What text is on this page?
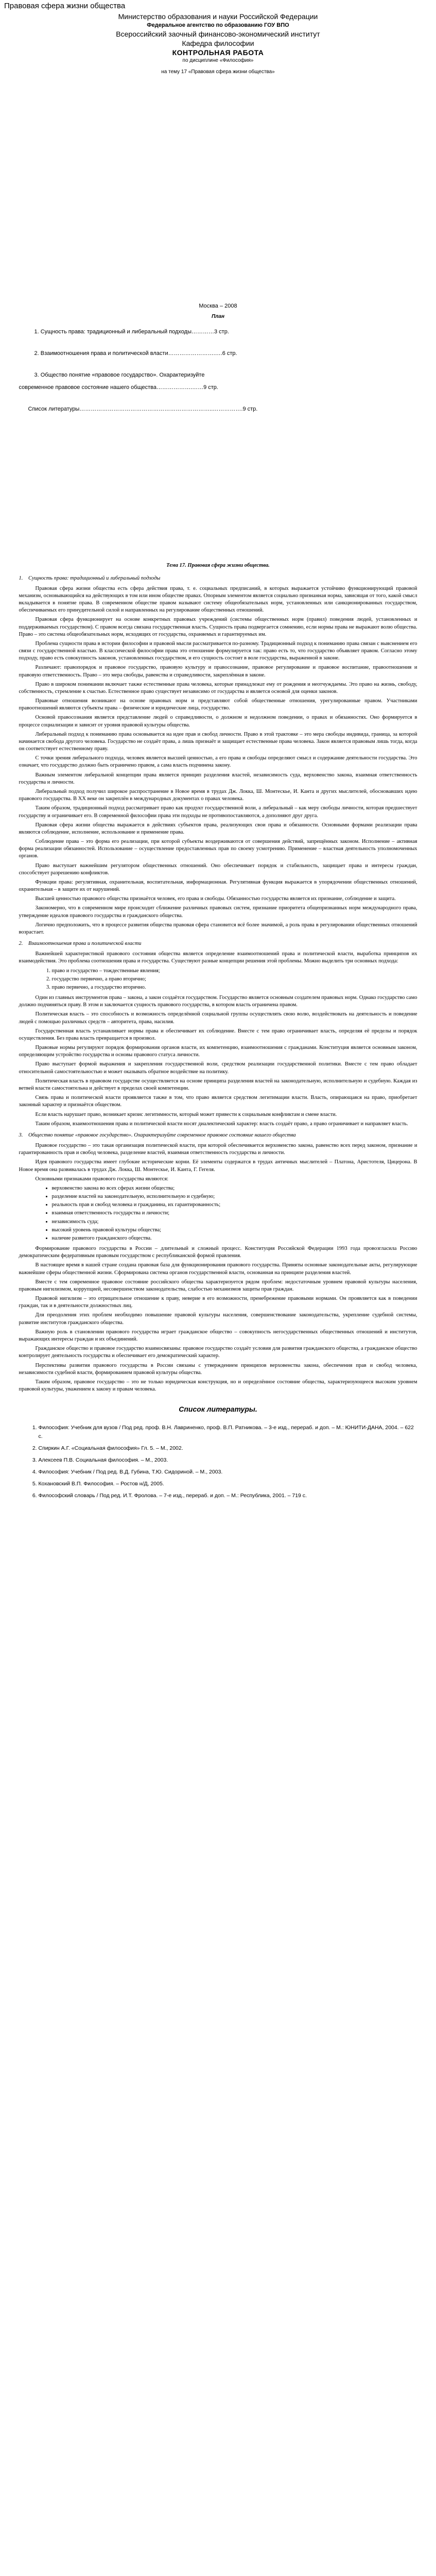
Правовая сфера жизни общества
Министерство образования и науки Российской Федерации
Федеральное агентство по образованию ГОУ ВПО
Всероссийский заочный финансово-экономический институт
Кафедра философии
КОНТРОЛЬНАЯ РАБОТА
по дисциплине «Философия»
на тему 17 «Правовая сфера жизни общества»
Москва – 2008
План
1. Сущность права: традиционный и либеральный подходы…………3 стр.
2. Взаимоотношения права и политической власти…………………….….6 стр.
3. Общество понятие «правовое государство». Охарактеризуйте
современное правовое состояние нашего общества……………….……9 стр.
Список литературы……………………………………………………………..…………….9 стр.
Тема 17. Правовая сфера жизни общества.
1. Сущность права: традиционный и либеральный подходы

Правовая сфера жизни общества есть сфера действия права, т. е. социальных предписаний, в которых выражается устойчиво функционирующий правовой механизм, основывающийся на действующих в том или ином обществе правах. Опорным элементом является социально признанная норма, зависящая от того, какой смысл вкладывается в понятие права. В современном обществе правом называют систему общеобязательных норм, установленных или санкционированных государством, обеспечиваемых его принудительной силой и направленных на регулирование общественных отношений.

Правовая сфера функционирует на основе конкретных правовых учреждений (системы общественных норм (правил) поведения людей, установленных и поддерживаемых государством). С правом всегда связана государственная власть. Сущность права подвергается сомнению, если нормы права не выражают волю общества. Право – это система общеобязательных норм, исходящих от государства, охраняемых и гарантируемых им.

Проблема сущности права в истории философии и правовой мысли рассматривается по-разному. Традиционный подход к пониманию права связан с выяснением его связи с государственной властью. В классической философии права это отношение формулируется так: право есть то, что государство объявляет правом. Согласно этому подходу, право есть совокупность законов, установленных государством, и его сущность состоит в воле государства, выраженной в законе.

Различают: правопорядок и правовое государство, правовую культуру и правосознание, правовое регулирование и правовое воспитание, правоотношения и правовую ответственность. Право – это мера свободы, равенства и справедливости, закреплённая в законе.

Право в широком понимании включает также естественные права человека, которые принадлежат ему от рождения и неотчуждаемы. Это право на жизнь, свободу, собственность, стремление к счастью. Естественное право существует независимо от государства и является основой для оценки законов.

Правовые отношения возникают на основе правовых норм и представляют собой общественные отношения, урегулированные правом. Участниками правоотношений являются субъекты права – физические и юридические лица, государство.

Основой правосознания является представление людей о справедливости, о должном и недолжном поведении, о правах и обязанностях. Оно формируется в процессе социализации и зависит от уровня правовой культуры общества.

Либеральный подход к пониманию права основывается на идее прав и свобод личности. Право в этой трактовке – это мера свободы индивида, граница, за которой начинается свобода другого человека. Государство не создаёт права, а лишь признаёт и защищает естественные права человека. Закон является правовым лишь тогда, когда он соответствует естественному праву.

С точки зрения либерального подхода, человек является высшей ценностью, а его права и свободы определяют смысл и содержание деятельности государства. Это означает, что государство должно быть ограничено правом, а сама власть подчинена закону.

Важным элементом либеральной концепции права является принцип разделения властей, независимость суда, верховенство закона, взаимная ответственность государства и личности.

Либеральный подход получил широкое распространение в Новое время в трудах Дж. Локка, Ш. Монтескье, И. Канта и других мыслителей, обосновавших идею правового государства. В XX веке он закреплён в международных документах о правах человека.

Таким образом, традиционный подход рассматривает право как продукт государственной воли, а либеральный – как меру свободы личности, которая предшествует государству и ограничивает его. В современной философии права эти подходы не противопоставляются, а дополняют друг друга.

Правовая сфера жизни общества выражается в действиях субъектов права, реализующих свои права и обязанности. Основными формами реализации права являются соблюдение, исполнение, использование и применение права.

Соблюдение права – это форма его реализации, при которой субъекты воздерживаются от совершения действий, запрещённых законом. Исполнение – активная форма реализации обязанностей. Использование – осуществление предоставленных прав по своему усмотрению. Применение – властная деятельность уполномоченных органов.

Право выступает важнейшим регулятором общественных отношений. Оно обеспечивает порядок и стабильность, защищает права и интересы граждан, способствует разрешению конфликтов.

Функции права: регулятивная, охранительная, воспитательная, информационная. Регулятивная функция выражается в упорядочении общественных отношений, охранительная – в защите их от нарушений.

Высшей ценностью правового общества признаётся человек, его права и свободы. Обязанностью государства является их признание, соблюдение и защита.

Закономерно, что в современном мире происходит сближение различных правовых систем, признание приоритета общепризнанных норм международного права, утверждение идеалов правового государства и гражданского общества.

Логично предположить, что в процессе развития общества правовая сфера становится всё более значимой, а роль права в регулировании общественных отношений возрастает.

2. Взаимоотношения права и политической власти

Важнейшей характеристикой правового состояния общества является определение взаимоотношений права и политической власти, выработка принципов их взаимодействия. Это проблема соотношения права и государства. Существуют разные концепции решения этой проблемы. Можно выделить три основных подхода:

1. право и государство – тождественные явления;
2. государство первично, а право вторично;
3. право первично, а государство вторично.

Один из главных инструментов права – закона, а закон создаётся государством. Государство является основным создателем правовых норм. Однако государство само должно подчиняться праву. В этом и заключается сущность правового государства, в котором власть ограничена правом.

Политическая власть – это способность и возможность определённой социальной группы осуществлять свою волю, воздействовать на деятельность и поведение людей с помощью различных средств – авторитета, права, насилия.

Государственная власть устанавливает нормы права и обеспечивает их соблюдение. Вместе с тем право ограничивает власть, определяя её пределы и порядок осуществления. Без права власть превращается в произвол.

Правовые нормы регулируют порядок формирования органов власти, их компетенцию, взаимоотношения с гражданами. Конституция является основным законом, определяющим устройство государства и основы правового статуса личности.

Право выступает формой выражения и закрепления государственной воли, средством реализации государственной политики. Вместе с тем право обладает относительной самостоятельностью и может оказывать обратное воздействие на политику.

Политическая власть в правовом государстве осуществляется на основе принципа разделения властей на законодательную, исполнительную и судебную. Каждая из ветвей власти самостоятельна и действует в пределах своей компетенции.

Связь права и политической власти проявляется также в том, что право является средством легитимации власти. Власть, опирающаяся на право, приобретает законный характер и признаётся обществом.

Если власть нарушает право, возникает кризис легитимности, который может привести к социальным конфликтам и смене власти.

Таким образом, взаимоотношения права и политической власти носят диалектический характер: власть создаёт право, а право ограничивает и направляет власть.

3. Общество понятие «правовое государство». Охарактеризуйте современное правовое состояние нашего общества

Правовое государство – это такая организация политической власти, при которой обеспечивается верховенство закона, равенство всех перед законом, признание и гарантированность прав и свобод человека, разделение властей, взаимная ответственность государства и личности.

Идея правового государства имеет глубокие исторические корни. Её элементы содержатся в трудах античных мыслителей – Платона, Аристотеля, Цицерона. В Новое время она развивалась в трудах Дж. Локка, Ш. Монтескье, И. Канта, Г. Гегеля.

Основными признаками правового государства являются:

• верховенство закона во всех сферах жизни общества;
• разделение властей на законодательную, исполнительную и судебную;
• реальность прав и свобод человека и гражданина, их гарантированность;
• взаимная ответственность государства и личности;
• независимость суда;
• высокий уровень правовой культуры общества;
• наличие развитого гражданского общества.

Формирование правового государства в России – длительный и сложный процесс. Конституция Российской Федерации 1993 года провозгласила Россию демократическим федеративным правовым государством с республиканской формой правления.

В настоящее время в нашей стране создана правовая база для функционирования правового государства. Приняты основные законодательные акты, регулирующие важнейшие сферы общественной жизни. Сформирована система органов государственной власти, основанная на принципе разделения властей.

Вместе с тем современное правовое состояние российского общества характеризуется рядом проблем: недостаточным уровнем правовой культуры населения, правовым нигилизмом, коррупцией, несовершенством законодательства, слабостью механизмов защиты прав граждан.

Правовой нигилизм – это отрицательное отношение к праву, неверие в его возможности, пренебрежение правовыми нормами. Он проявляется как в поведении граждан, так и в деятельности должностных лиц.

Для преодоления этих проблем необходимо повышение правовой культуры населения, совершенствование законодательства, укрепление судебной системы, развитие институтов гражданского общества.

Важную роль в становлении правового государства играет гражданское общество – совокупность негосударственных общественных отношений и институтов, выражающих интересы граждан и их объединений.

Гражданское общество и правовое государство взаимосвязаны: правовое государство создаёт условия для развития гражданского общества, а гражданское общество контролирует деятельность государства и обеспечивает его демократический характер.

Перспективы развития правового государства в России связаны с утверждением принципов верховенства закона, обеспечения прав и свобод человека, независимости судебной власти, формированием правовой культуры общества.

Таким образом, правовое государство – это не только юридическая конструкция, но и определённое состояние общества, характеризующееся высоким уровнем правовой культуры, уважением к закону и правам человека.

Список литературы.
1. Философия: Учебник для вузов / Под ред. проф. В.Н. Лавриненко, проф. В.П. Ратникова. – 3-е изд., перераб. и доп. – М.: ЮНИТИ-ДАНА, 2004. – 622 с.
2. Спиркин А.Г. «Социальная философия» Гл. 5. – М., 2002.
3. Алексеев П.В. Социальная философия. – М., 2003.
4. Философия: Учебник / Под ред. В.Д. Губина, Т.Ю. Сидориной. – М., 2003.
5. Кохановский В.П. Философия. – Ростов н/Д, 2005.
6. Философский словарь / Под ред. И.Т. Фролова. – 7-е изд., перераб. и доп. – М.: Республика, 2001. – 719 с.
